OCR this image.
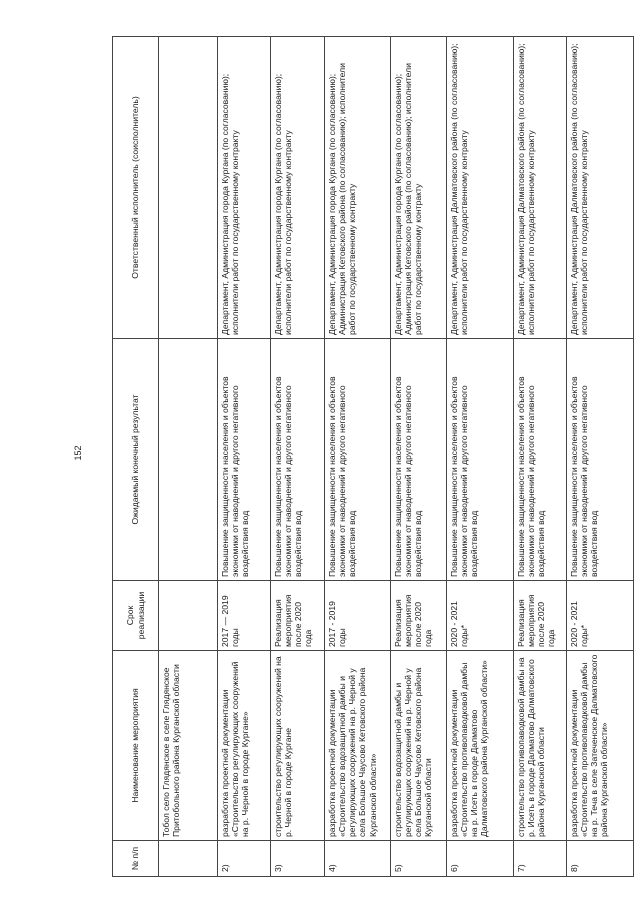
152
№ п/п	Наименование мероприятия	Срок реализации	Ожидаемый конечный результат	Ответственный исполнитель (соисполнитель)
	Тобол село Глядянское в селе Глядянское Притобольного района Курганской области			
2)	разработка проектной документации «Строительство регулирующих сооружений на р. Черной в городе Кургане»	2017 — 2019 годы	Повышение защищенности населения и объектов экономики от наводнений и другого негативного воздействия вод	Департамент, Администрация города Кургана (по согласованию); исполнители работ по государственному контракту
3)	строительство регулирующих сооружений на р. Черной в городе Кургане	Реализация мероприятия после 2020 года	Повышение защищенности населения и объектов экономики от наводнений и другого негативного воздействия вод	Департамент, Администрация города Кургана (по согласованию); исполнители работ по государственному контракту
4)	разработка проектной документации «Строительство водозащитной дамбы и регулирующих сооружений на р. Черной у села Большое Чаусово Кетовского района Курганской области»	2017 - 2019 годы	Повышение защищенности населения и объектов экономики от наводнений и другого негативного воздействия вод	Департамент, Администрация города Кургана (по согласованию); Администрация Кетовского района (по согласованию); исполнители работ по государственному контракту
5)	строительство водозащитной дамбы и регулирующих сооружений на р. Черной у села Большое Чаусово Кетовского района Курганской области	Реализация мероприятия после 2020 года	Повышение защищенности населения и объектов экономики от наводнений и другого негативного воздействия вод	Департамент, Администрация города Кургана (по согласованию); Администрация Кетовского района (по согласованию); исполнители работ по государственному контракту
6)	разработка проектной документации «Строительство противопаводковой дамбы на р. Исеть в городе Далматово Далматовского района Курганской области»	2020 - 2021 годы*	Повышение защищенности населения и объектов экономики от наводнений и другого негативного воздействия вод	Департамент, Администрация Далматовского района (по согласованию); исполнители работ по государственному контракту
7)	строительство противопаводковой дамбы на р. Исеть в городе Далматово Далматовского района Курганской области	Реализация мероприятия после 2020 года	Повышение защищенности населения и объектов экономики от наводнений и другого негативного воздействия вод	Департамент, Администрация Далматовского района (по согласованию); исполнители работ по государственному контракту
8)	разработка проектной документации «Строительство противопаводковой дамбы на р. Теча в селе Затеченское Далматовского района Курганской области»	2020 - 2021 годы*	Повышение защищенности населения и объектов экономики от наводнений и другого негативного воздействия вод	Департамент, Администрация Далматовского района (по согласованию); исполнители работ по государственному контракту
